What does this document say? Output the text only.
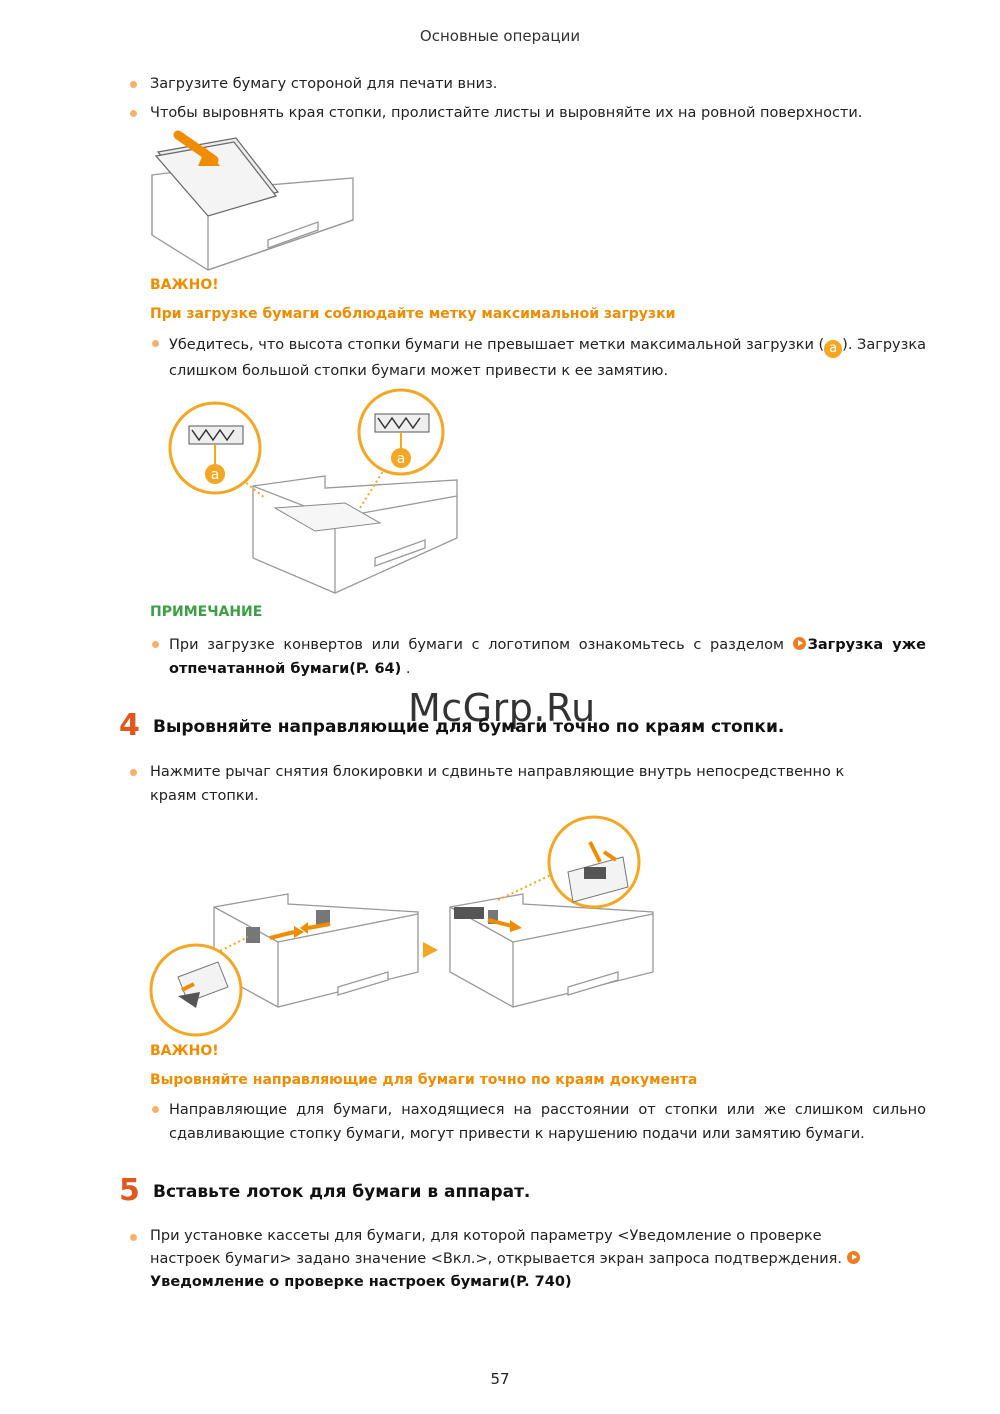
Основные операции
Загрузите бумагу стороной для печати вниз.
Чтобы выровнять края стопки, пролистайте листы и выровняйте их на ровной поверхности.
ВАЖНО!
При загрузке бумаги соблюдайте метку максимальной загрузки
Убедитесь, что высота стопки бумаги не превышает метки максимальной загрузки ( a ). Загрузка слишком большой стопки бумаги может привести к ее замятию.
a
a
ПРИМЕЧАНИЕ
При загрузке конвертов или бумаги с логотипом ознакомьтесь с разделом Загрузка уже отпечатанной бумаги(P. 64) .
McGrp.Ru
4 Выровняйте направляющие для бумаги точно по краям стопки.
Нажмите рычаг снятия блокировки и сдвиньте направляющие внутрь непосредственно к краям стопки.
ВАЖНО!
Выровняйте направляющие для бумаги точно по краям документа
Направляющие для бумаги, находящиеся на расстоянии от стопки или же слишком сильно сдавливающие стопку бумаги, могут привести к нарушению подачи или замятию бумаги.
5 Вставьте лоток для бумаги в аппарат.
При установке кассеты для бумаги, для которой параметру <Уведомление о проверке настроек бумаги> задано значение <Вкл.>, открывается экран запроса подтверждения. Уведомление о проверке настроек бумаги(P. 740)
57
